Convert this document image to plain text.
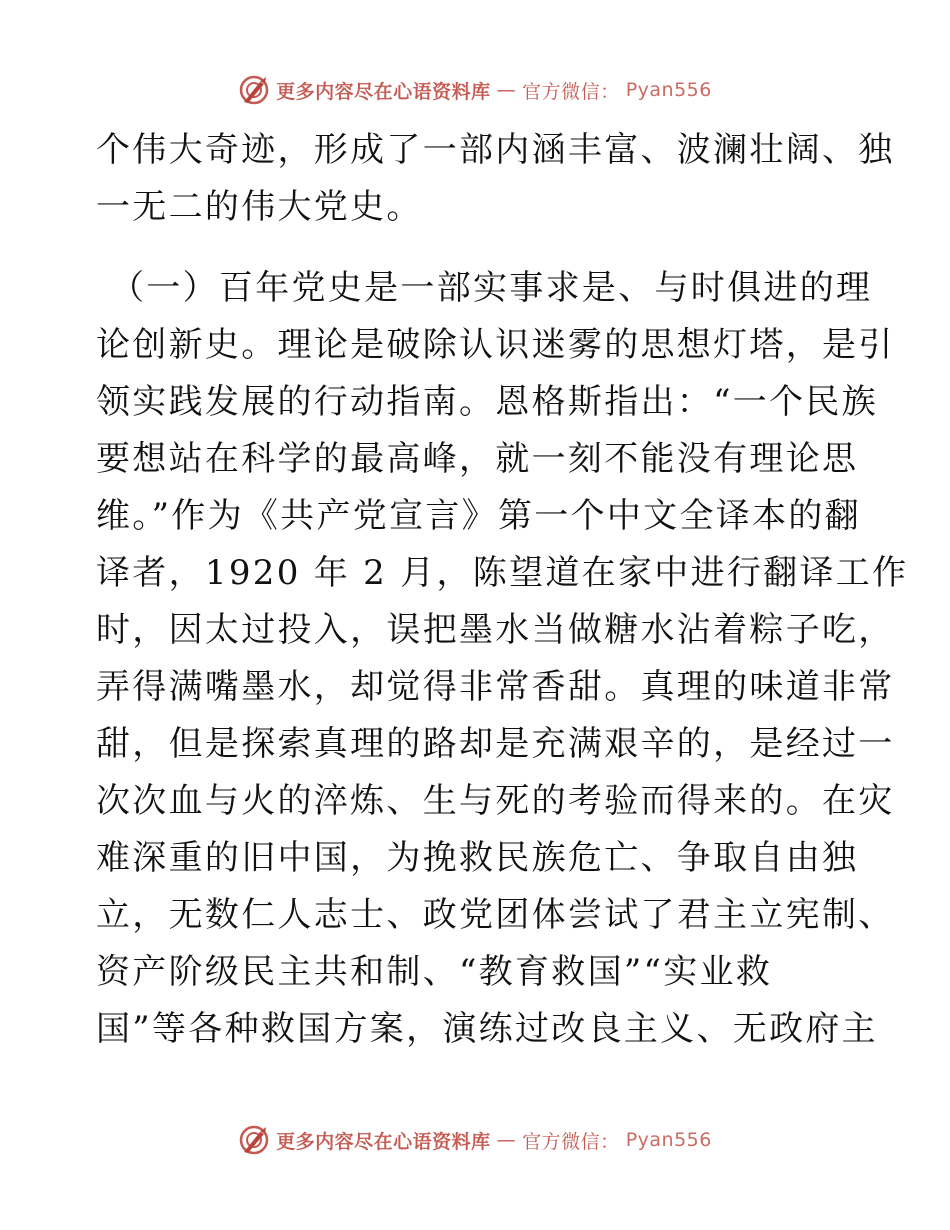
更多内容尽在心语资料库 — 官方微信： Pyan556
个伟大奇迹，形成了一部内涵丰富、波澜壮阔、独
一无二的伟大党史。
（一）百年党史是一部实事求是、与时俱进的理
论创新史。理论是破除认识迷雾的思想灯塔，是引
领实践发展的行动指南。恩格斯指出：“一个民族
要想站在科学的最高峰，就一刻不能没有理论思
维。”作为《共产党宣言》第一个中文全译本的翻
译者，1920 年 2 月，陈望道在家中进行翻译工作
时，因太过投入，误把墨水当做糖水沾着粽子吃，
弄得满嘴墨水，却觉得非常香甜。真理的味道非常
甜，但是探索真理的路却是充满艰辛的，是经过一
次次血与火的淬炼、生与死的考验而得来的。在灾
难深重的旧中国，为挽救民族危亡、争取自由独
立，无数仁人志士、政党团体尝试了君主立宪制、
资产阶级民主共和制、“教育救国”“实业救
国”等各种救国方案，演练过改良主义、无政府主
更多内容尽在心语资料库 — 官方微信： Pyan556
